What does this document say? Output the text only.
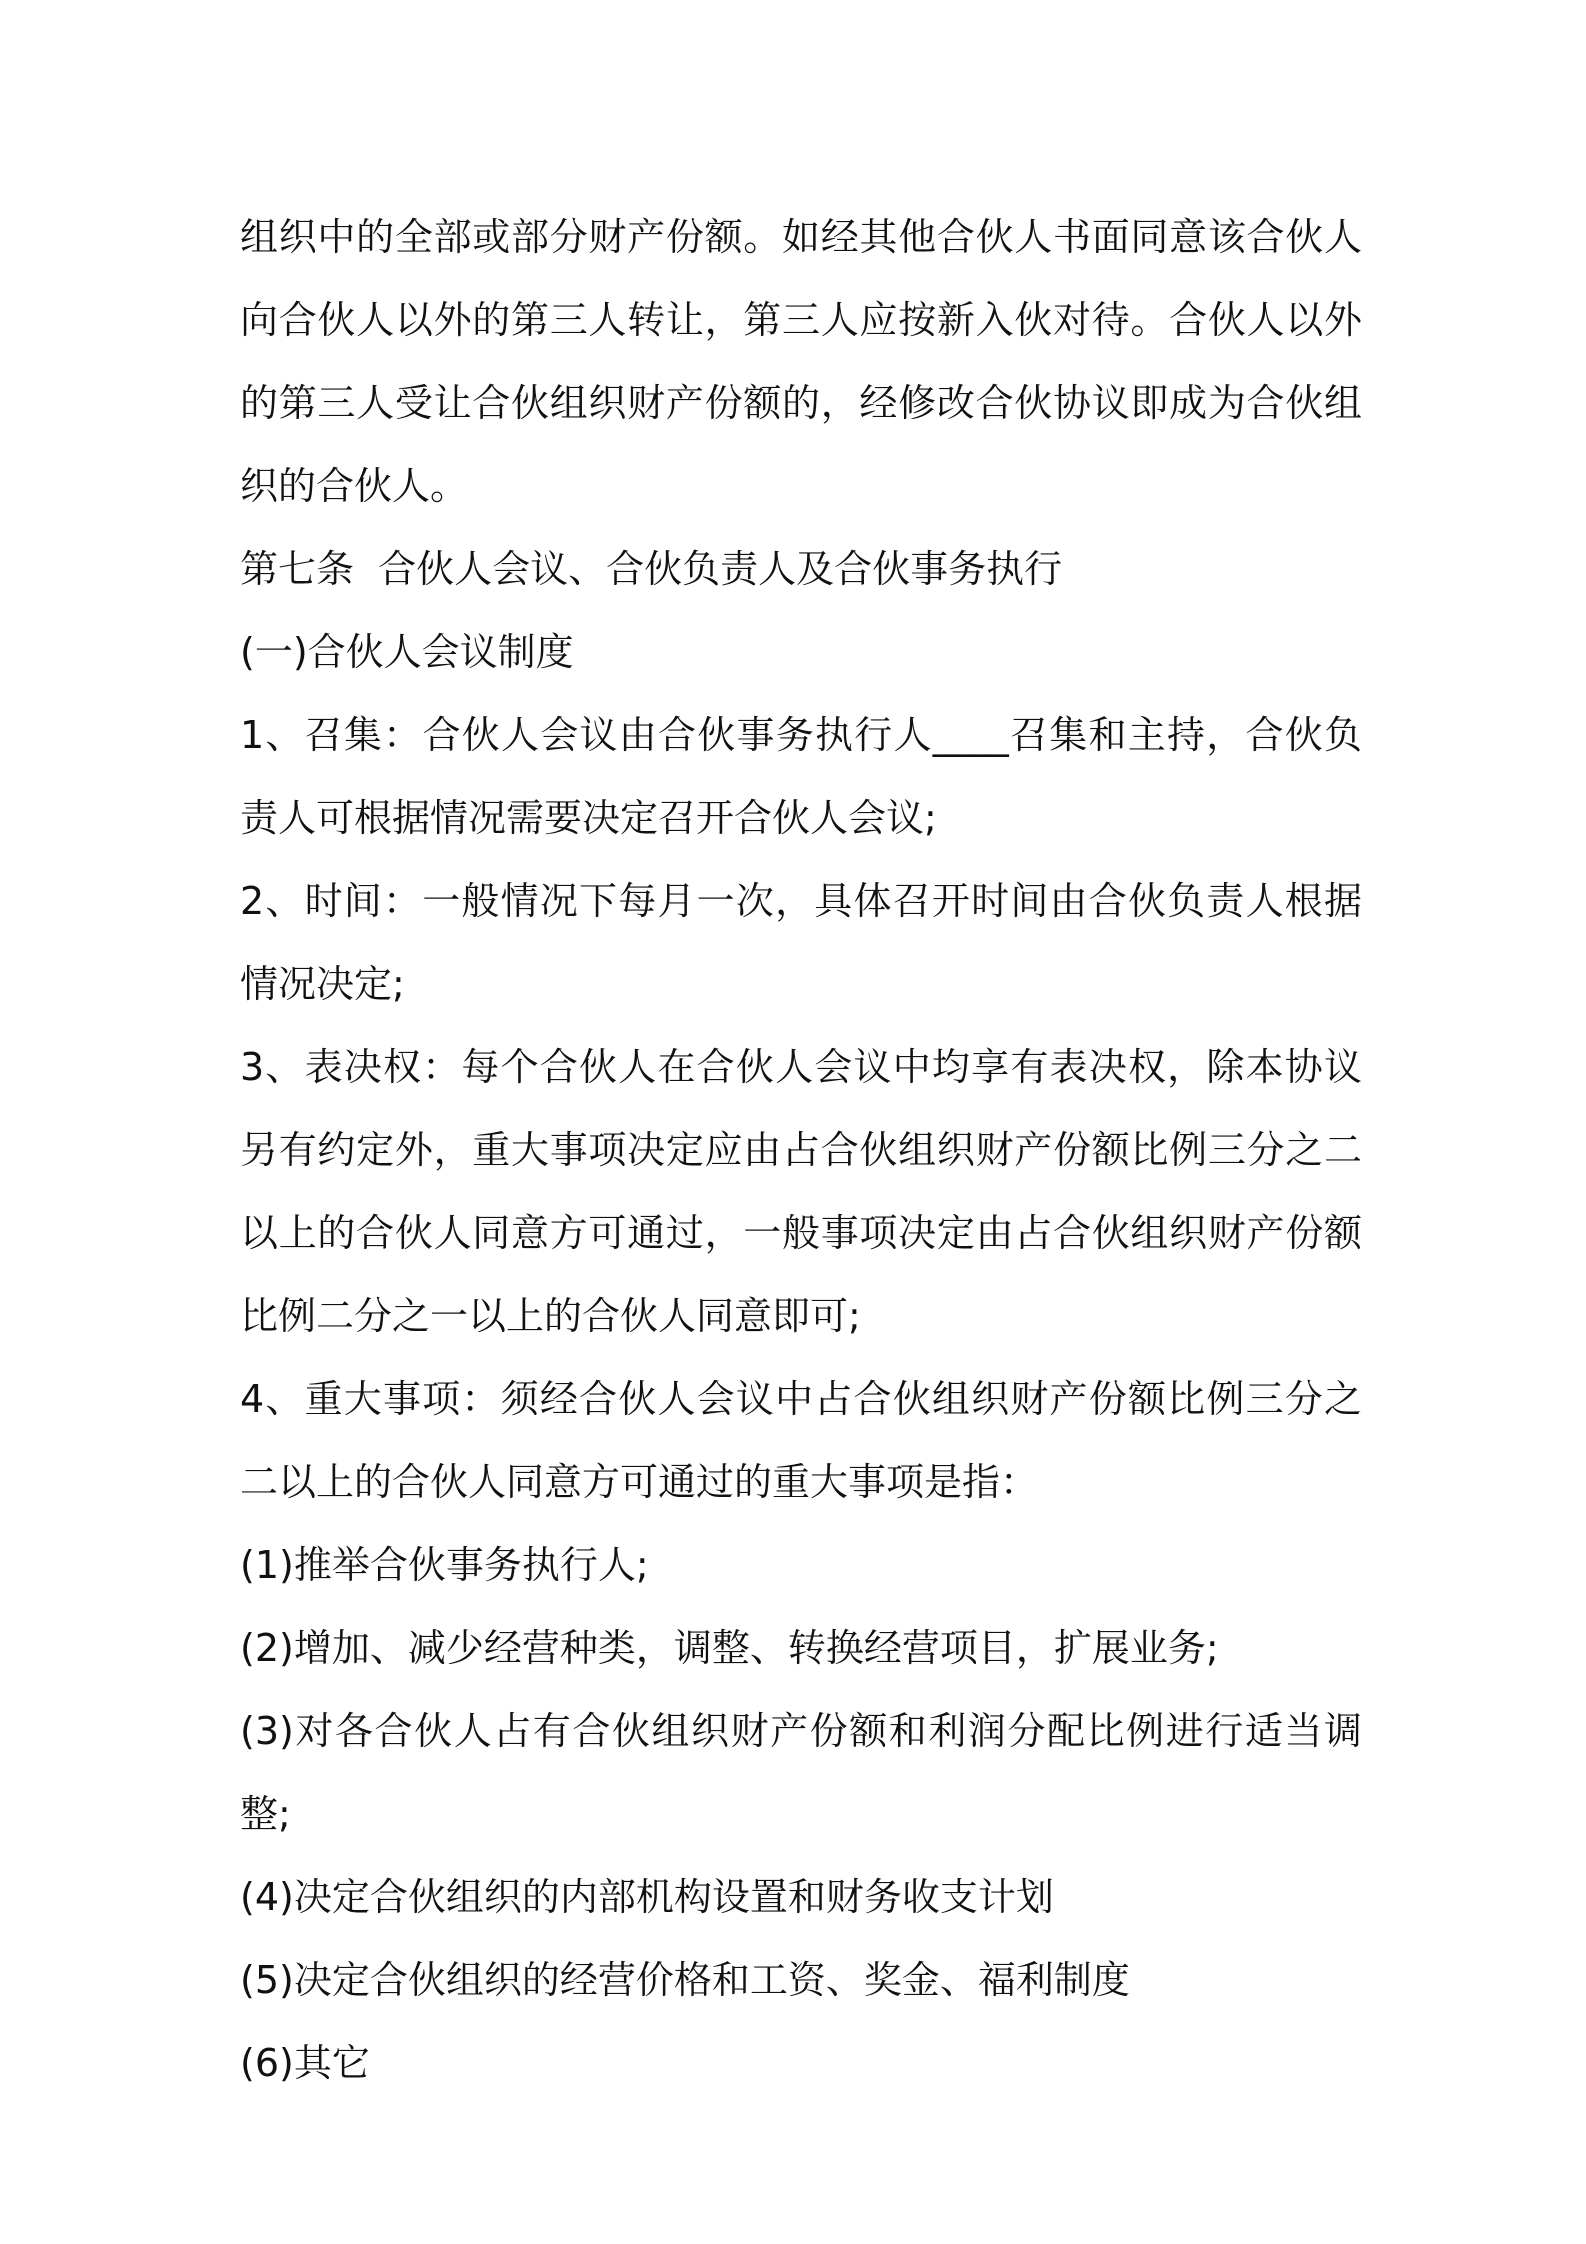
组织中的全部或部分财产份额。如经其他合伙人书面同意该合伙人向合伙人以外的第三人转让，第三人应按新入伙对待。合伙人以外的第三人受让合伙组织财产份额的，经修改合伙协议即成为合伙组织的合伙人。

第七条  合伙人会议、合伙负责人及合伙事务执行

(一)合伙人会议制度

1、召集：合伙人会议由合伙事务执行人____召集和主持，合伙负责人可根据情况需要决定召开合伙人会议;

2、时间：一般情况下每月一次，具体召开时间由合伙负责人根据情况决定;

3、表决权：每个合伙人在合伙人会议中均享有表决权，除本协议另有约定外，重大事项决定应由占合伙组织财产份额比例三分之二以上的合伙人同意方可通过，一般事项决定由占合伙组织财产份额比例二分之一以上的合伙人同意即可;

4、重大事项：须经合伙人会议中占合伙组织财产份额比例三分之二以上的合伙人同意方可通过的重大事项是指：

(1)推举合伙事务执行人;

(2)增加、减少经营种类，调整、转换经营项目，扩展业务;

(3)对各合伙人占有合伙组织财产份额和利润分配比例进行适当调整;

(4)决定合伙组织的内部机构设置和财务收支计划

(5)决定合伙组织的经营价格和工资、奖金、福利制度

(6)其它
